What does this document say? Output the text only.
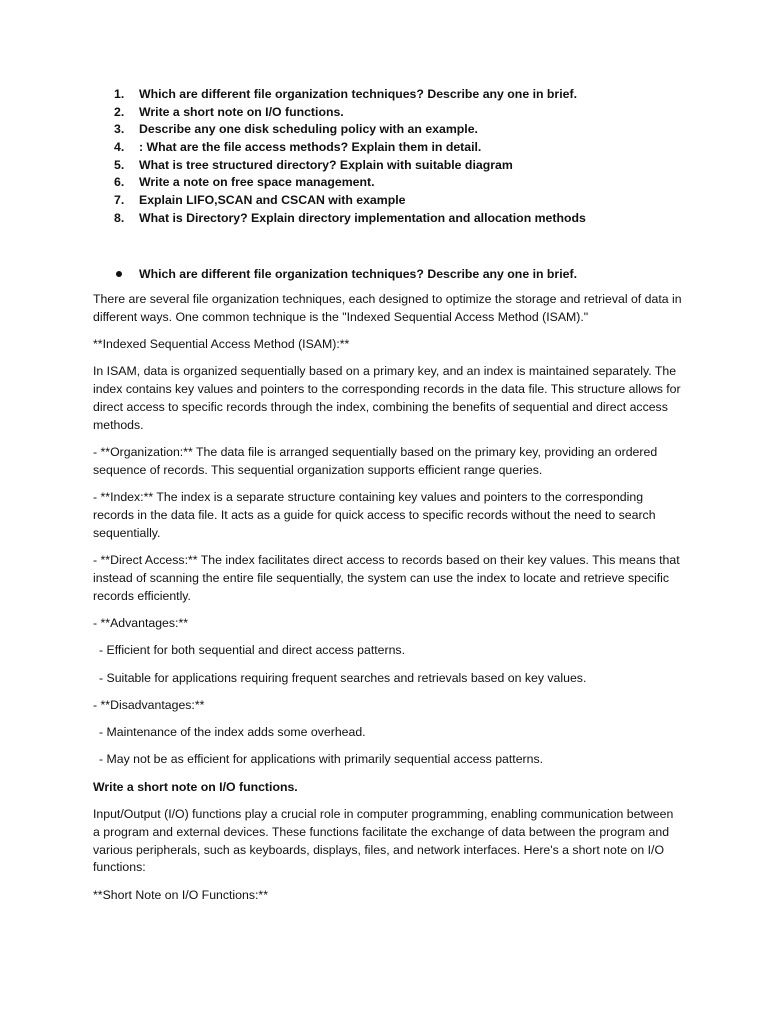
1.	Which are different file organization techniques? Describe any one in brief.
2.	Write a short note on I/O functions.
3.	Describe any one disk scheduling policy with an example.
4.	: What are the file access methods? Explain them in detail.
5.	What is tree structured directory? Explain with suitable diagram
6.	Write a note on free space management.
7.	Explain LIFO,SCAN and CSCAN with example
8.	What is Directory? Explain directory implementation and allocation methods
Which are different file organization techniques? Describe any one in brief.

There are several file organization techniques, each designed to optimize the storage and retrieval of data in different ways. One common technique is the "Indexed Sequential Access Method (ISAM)."

**Indexed Sequential Access Method (ISAM):**

In ISAM, data is organized sequentially based on a primary key, and an index is maintained separately. The index contains key values and pointers to the corresponding records in the data file. This structure allows for direct access to specific records through the index, combining the benefits of sequential and direct access methods.

- **Organization:** The data file is arranged sequentially based on the primary key, providing an ordered sequence of records. This sequential organization supports efficient range queries.

- **Index:** The index is a separate structure containing key values and pointers to the corresponding records in the data file. It acts as a guide for quick access to specific records without the need to search sequentially.

- **Direct Access:** The index facilitates direct access to records based on their key values. This means that instead of scanning the entire file sequentially, the system can use the index to locate and retrieve specific records efficiently.

- **Advantages:**

- Efficient for both sequential and direct access patterns.

- Suitable for applications requiring frequent searches and retrievals based on key values.

- **Disadvantages:**

- Maintenance of the index adds some overhead.

- May not be as efficient for applications with primarily sequential access patterns.

Write a short note on I/O functions.

Input/Output (I/O) functions play a crucial role in computer programming, enabling communication between a program and external devices. These functions facilitate the exchange of data between the program and various peripherals, such as keyboards, displays, files, and network interfaces. Here's a short note on I/O functions:

**Short Note on I/O Functions:**
